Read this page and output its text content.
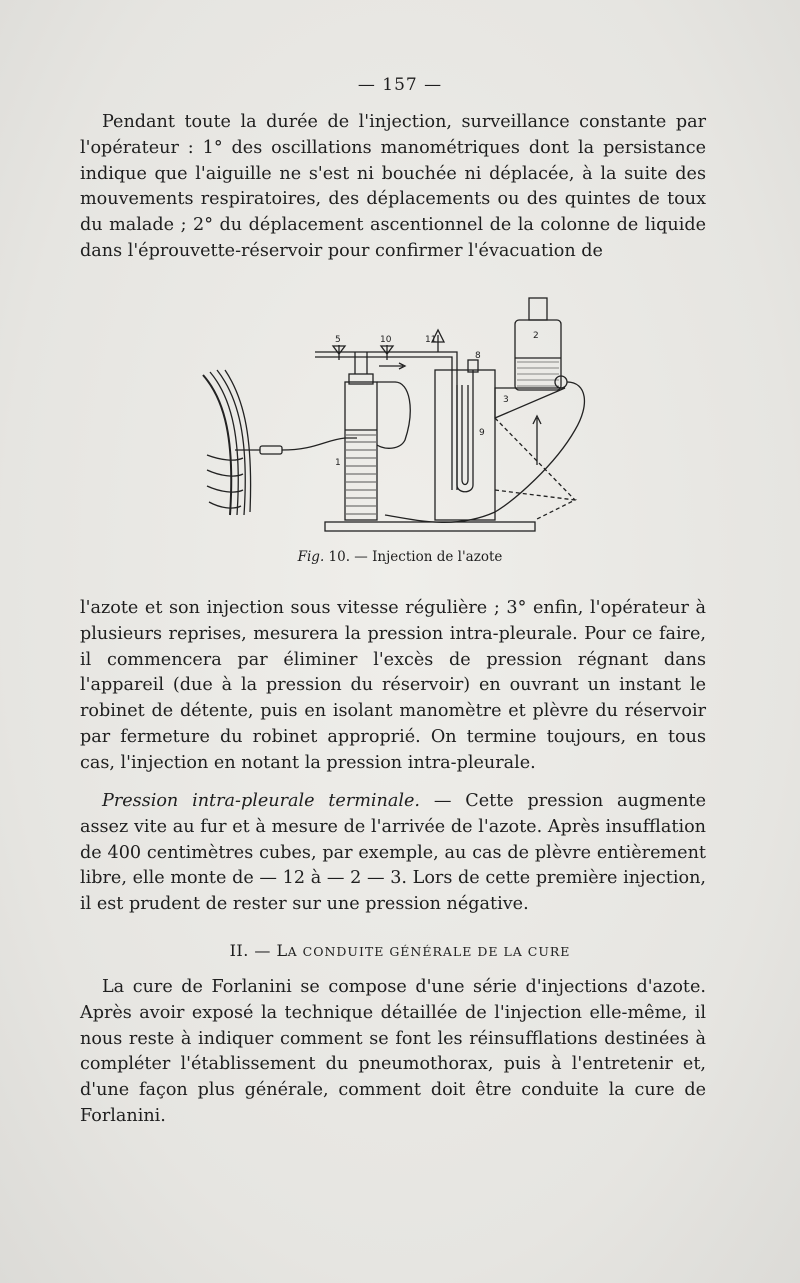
— 157 —

Pendant toute la durée de l'injection, surveillance constante par l'opérateur : 1° des oscillations manométriques dont la persistance indique que l'aiguille ne s'est ni bouchée ni déplacée, à la suite des mouvements respiratoires, des déplacements ou des quintes de toux du malade ; 2° du déplacement ascentionnel de la colonne de liquide dans l'éprouvette-réservoir pour confirmer l'évacuation de

5	10	11
8
9
1
2
3
Fig. 10. — Injection de l'azote

l'azote et son injection sous vitesse régulière ; 3° enfin, l'opérateur à plusieurs reprises, mesurera la pression intra-pleurale. Pour ce faire, il commencera par éliminer l'excès de pression régnant dans l'appareil (due à la pression du réservoir) en ouvrant un instant le robinet de détente, puis en isolant manomètre et plèvre du réservoir par fermeture du robinet approprié. On termine toujours, en tous cas, l'injection en notant la pression intra-pleurale.

Pression intra-pleurale terminale. — Cette pression augmente assez vite au fur et à mesure de l'arrivée de l'azote. Après insufflation de 400 centimètres cubes, par exemple, au cas de plèvre entièrement libre, elle monte de — 12 à — 2 — 3. Lors de cette première injection, il est prudent de rester sur une pression négative.

II. — LA CONDUITE GÉNÉRALE DE LA CURE

La cure de Forlanini se compose d'une série d'injections d'azote. Après avoir exposé la technique détaillée de l'injection elle-même, il nous reste à indiquer comment se font les réinsufflations destinées à compléter l'établissement du pneumothorax, puis à l'entretenir et, d'une façon plus générale, comment doit être conduite la cure de Forlanini.
